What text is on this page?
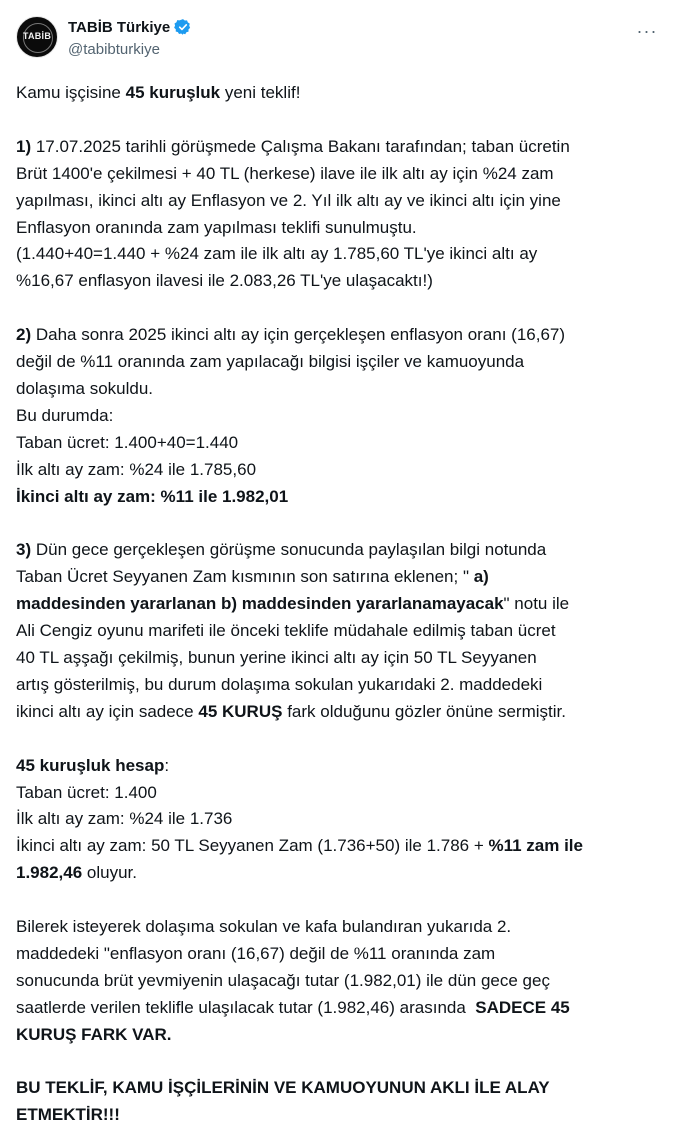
TABİB
TABİB Türkiye
@tabibturkiye
···

Kamu işçisine 45 kuruşluk yeni teklif!

1) 17.07.2025 tarihli görüşmede Çalışma Bakanı tarafından; taban ücretin

Brüt 1400'e çekilmesi + 40 TL (herkese) ilave ile ilk altı ay için %24 zam

yapılması, ikinci altı ay Enflasyon ve 2. Yıl ilk altı ay ve ikinci altı için yine

Enflasyon oranında zam yapılması teklifi sunulmuştu.

(1.440+40=1.440 + %24 zam ile ilk altı ay 1.785,60 TL'ye ikinci altı ay

%16,67 enflasyon ilavesi ile 2.083,26 TL'ye ulaşacaktı!)

2) Daha sonra 2025 ikinci altı ay için gerçekleşen enflasyon oranı (16,67)

değil de %11 oranında zam yapılacağı bilgisi işçiler ve kamuoyunda

dolaşıma sokuldu.

Bu durumda:

Taban ücret: 1.400+40=1.440

İlk altı ay zam: %24 ile 1.785,60

İkinci altı ay zam: %11 ile 1.982,01

3) Dün gece gerçekleşen görüşme sonucunda paylaşılan bilgi notunda

Taban Ücret Seyyanen Zam kısmının son satırına eklenen; " a)

maddesinden yararlanan b) maddesinden yararlanamayacak" notu ile

Ali Cengiz oyunu marifeti ile önceki teklife müdahale edilmiş taban ücret

40 TL aşşağı çekilmiş, bunun yerine ikinci altı ay için 50 TL Seyyanen

artış gösterilmiş, bu durum dolaşıma sokulan yukarıdaki 2. maddedeki

ikinci altı ay için sadece 45 KURUŞ fark olduğunu gözler önüne sermiştir.

45 kuruşluk hesap:

Taban ücret: 1.400

İlk altı ay zam: %24 ile 1.736

İkinci altı ay zam: 50 TL Seyyanen Zam (1.736+50) ile 1.786 + %11 zam ile

1.982,46 oluyur.

Bilerek isteyerek dolaşıma sokulan ve kafa bulandıran yukarıda 2.

maddedeki "enflasyon oranı (16,67) değil de %11 oranında zam

sonucunda brüt yevmiyenin ulaşacağı tutar (1.982,01) ile dün gece geç

saatlerde verilen teklifle ulaşılacak tutar (1.982,46) arasında  SADECE 45

KURUŞ FARK VAR.

BU TEKLİF, KAMU İŞÇİLERİNİN VE KAMUOYUNUN AKLI İLE ALAY

ETMEKTİR!!!
